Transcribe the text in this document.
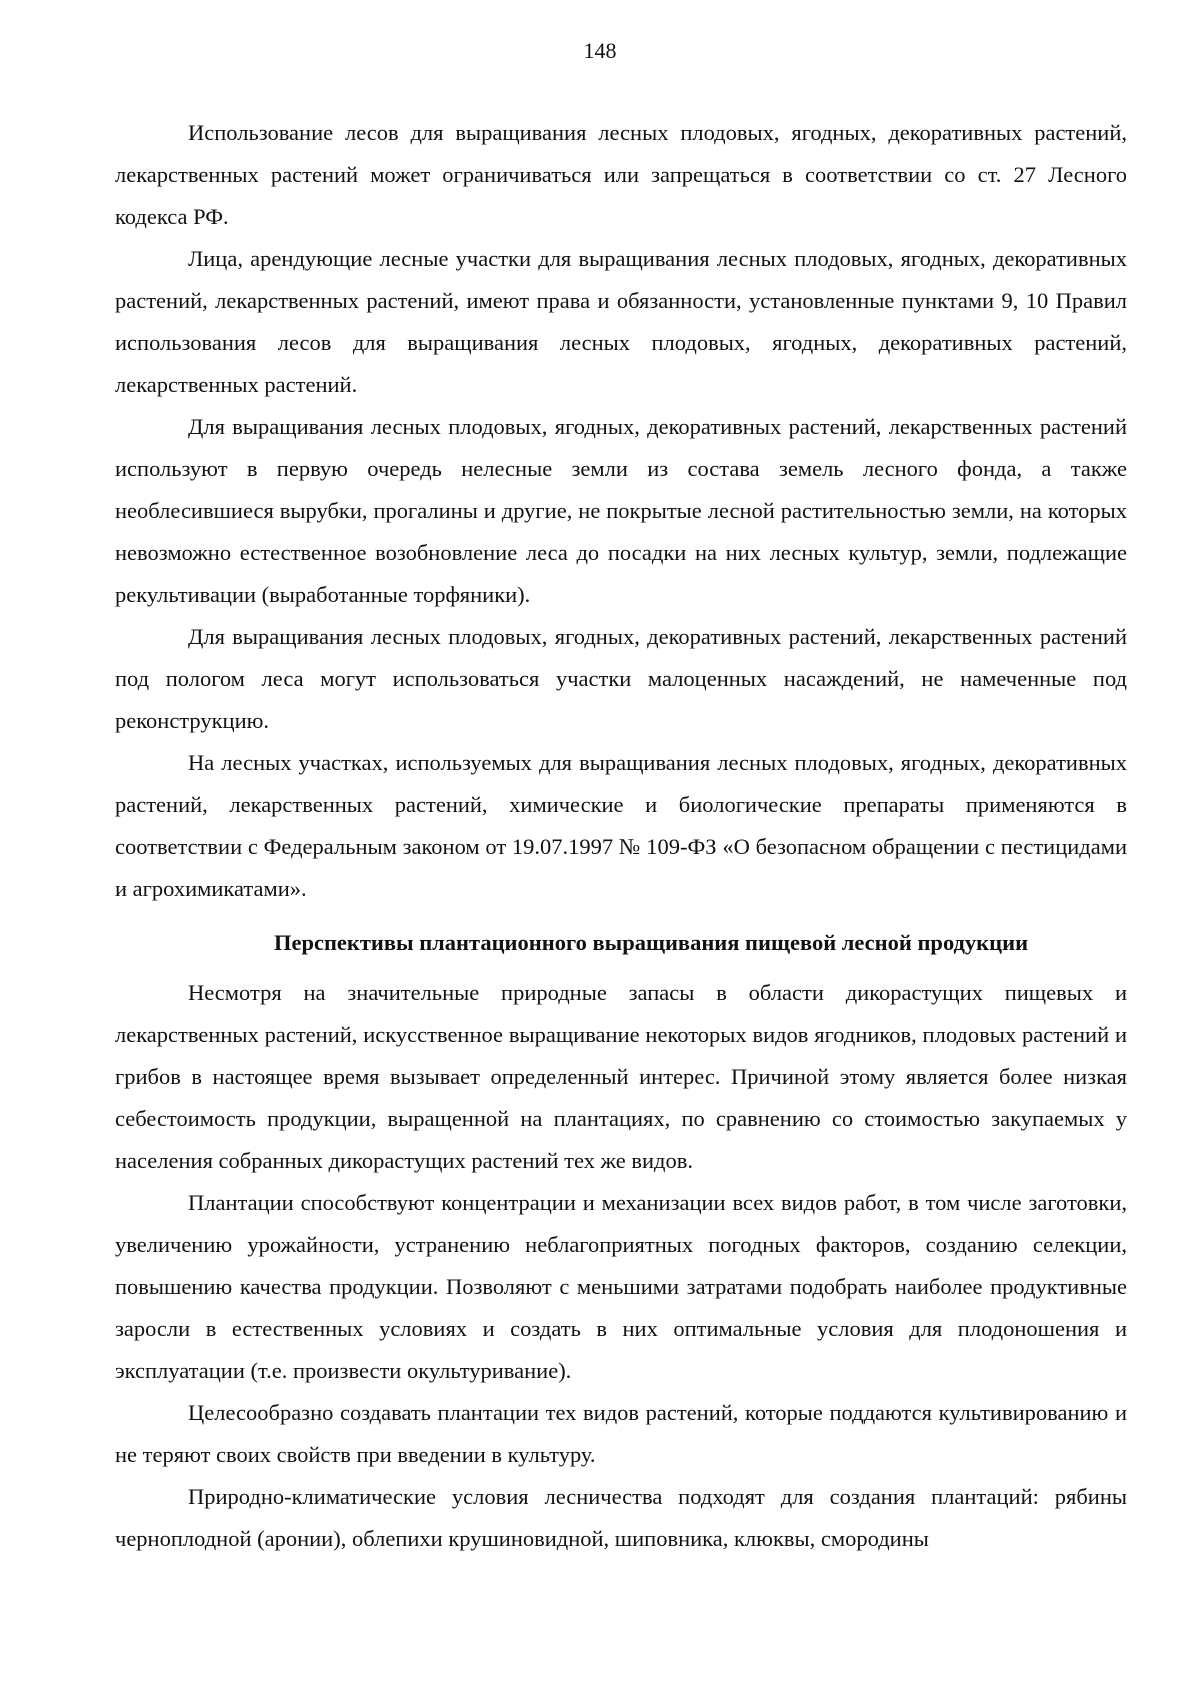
148

Использование лесов для выращивания лесных плодовых, ягодных, декоративных растений, лекарственных растений может ограничиваться или запрещаться в соответствии со ст. 27 Лесного кодекса РФ.

Лица, арендующие лесные участки для выращивания лесных плодовых, ягодных, декоративных растений, лекарственных растений, имеют права и обязанности, установленные пунктами 9, 10 Правил использования лесов для выращивания лесных плодовых, ягодных, декоративных растений, лекарственных растений.

Для выращивания лесных плодовых, ягодных, декоративных растений, лекарственных растений используют в первую очередь нелесные земли из состава земель лесного фонда, а также необлесившиеся вырубки, прогалины и другие, не покрытые лесной растительностью земли, на которых невозможно естественное возобновление леса до посадки на них лесных культур, земли, подлежащие рекультивации (выработанные торфяники).

Для выращивания лесных плодовых, ягодных, декоративных растений, лекарственных растений под пологом леса могут использоваться участки малоценных насаждений, не намеченные под реконструкцию.

На лесных участках, используемых для выращивания лесных плодовых, ягодных, декоративных растений, лекарственных растений, химические и биологические препараты применяются в соответствии с Федеральным законом от 19.07.1997 № 109-ФЗ «О безопасном обращении с пестицидами и агрохимикатами».

Перспективы плантационного выращивания пищевой лесной продукции

Несмотря на значительные природные запасы в области дикорастущих пищевых и лекарственных растений, искусственное выращивание некоторых видов ягодников, плодовых растений и грибов в настоящее время вызывает определенный интерес. Причиной этому является более низкая себестоимость продукции, выращенной на плантациях, по сравнению со стоимостью закупаемых у населения собранных дикорастущих растений тех же видов.

Плантации способствуют концентрации и механизации всех видов работ, в том числе заготовки, увеличению урожайности, устранению неблагоприятных погодных факторов, созданию селекции, повышению качества продукции. Позволяют с меньшими затратами подобрать наиболее продуктивные заросли в естественных условиях и создать в них оптимальные условия для плодоношения и эксплуатации (т.е. произвести окультуривание).

Целесообразно создавать плантации тех видов растений, которые поддаются культивированию и не теряют своих свойств при введении в культуру.

Природно-климатические условия лесничества подходят для создания плантаций: рябины черноплодной (аронии), облепихи крушиновидной, шиповника, клюквы, смородины
